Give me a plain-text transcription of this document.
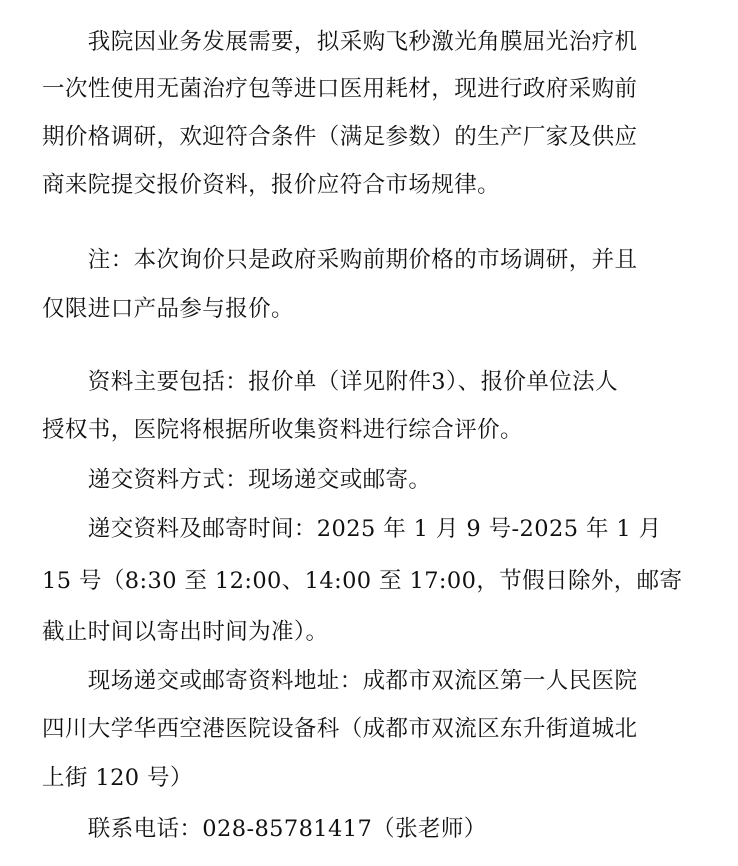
　　我院因业务发展需要，拟采购飞秒激光角膜屈光治疗机
一次性使用无菌治疗包等进口医用耗材，现进行政府采购前
期价格调研，欢迎符合条件（满足参数）的生产厂家及供应
商来院提交报价资料，报价应符合市场规律。
　　注：本次询价只是政府采购前期价格的市场调研，并且
仅限进口产品参与报价。
　　资料主要包括：报价单（详见附件3）、报价单位法人
授权书，医院将根据所收集资料进行综合评价。
　　递交资料方式：现场递交或邮寄。
　　递交资料及邮寄时间：2025 年 1 月 9 号-2025 年 1 月
15 号（8:30 至 12:00、14:00 至 17:00，节假日除外，邮寄
截止时间以寄出时间为准）。
　　现场递交或邮寄资料地址：成都市双流区第一人民医院
四川大学华西空港医院设备科（成都市双流区东升街道城北
上街 120 号）
　　联系电话：028-85781417（张老师）
